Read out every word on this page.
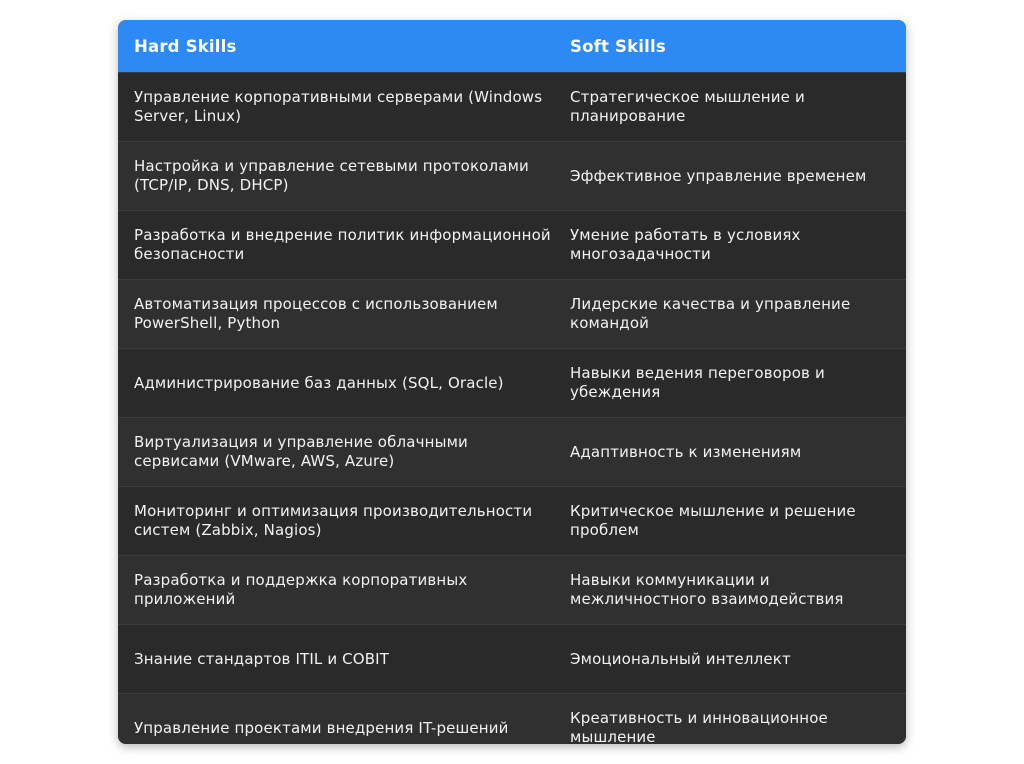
Hard Skills	Soft Skills
Управление корпоративными серверами (Windows Server, Linux)
Стратегическое мышление и планирование
Настройка и управление сетевыми протоколами (TCP/IP, DNS, DHCP)
Эффективное управление временем
Разработка и внедрение политик информационной безопасности
Умение работать в условиях многозадачности
Автоматизация процессов с использованием PowerShell, Python
Лидерские качества и управление командой
Администрирование баз данных (SQL, Oracle)
Навыки ведения переговоров и убеждения
Виртуализация и управление облачными сервисами (VMware, AWS, Azure)
Адаптивность к изменениям
Мониторинг и оптимизация производительности систем (Zabbix, Nagios)
Критическое мышление и решение проблем
Разработка и поддержка корпоративных приложений
Навыки коммуникации и межличностного взаимодействия
Знание стандартов ITIL и COBIT	Эмоциональный интеллект
Управление проектами внедрения IT-решений
Креативность и инновационное мышление
